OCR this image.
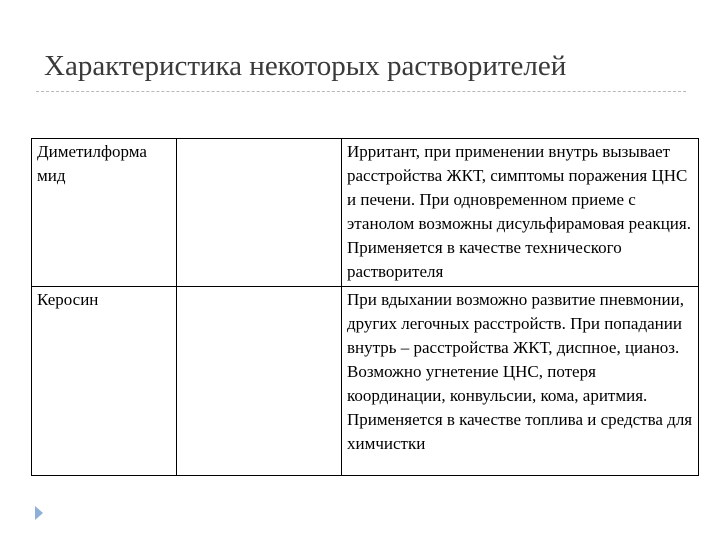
Характеристика некоторых растворителей
Диметилформа мид		Ирритант, при применении внутрь вызывает расстройства ЖКТ, симптомы поражения ЦНС и печени. При одновременном приеме с этанолом возможны дисульфирамовая реакция. Применяется в качестве технического растворителя
Керосин		При вдыхании возможно развитие пневмонии, других легочных расстройств. При попадании внутрь – расстройства ЖКТ, диспное, цианоз. Возможно угнетение ЦНС, потеря координации, конвульсии, кома, аритмия. Применяется в качестве топлива и средства для химчистки
